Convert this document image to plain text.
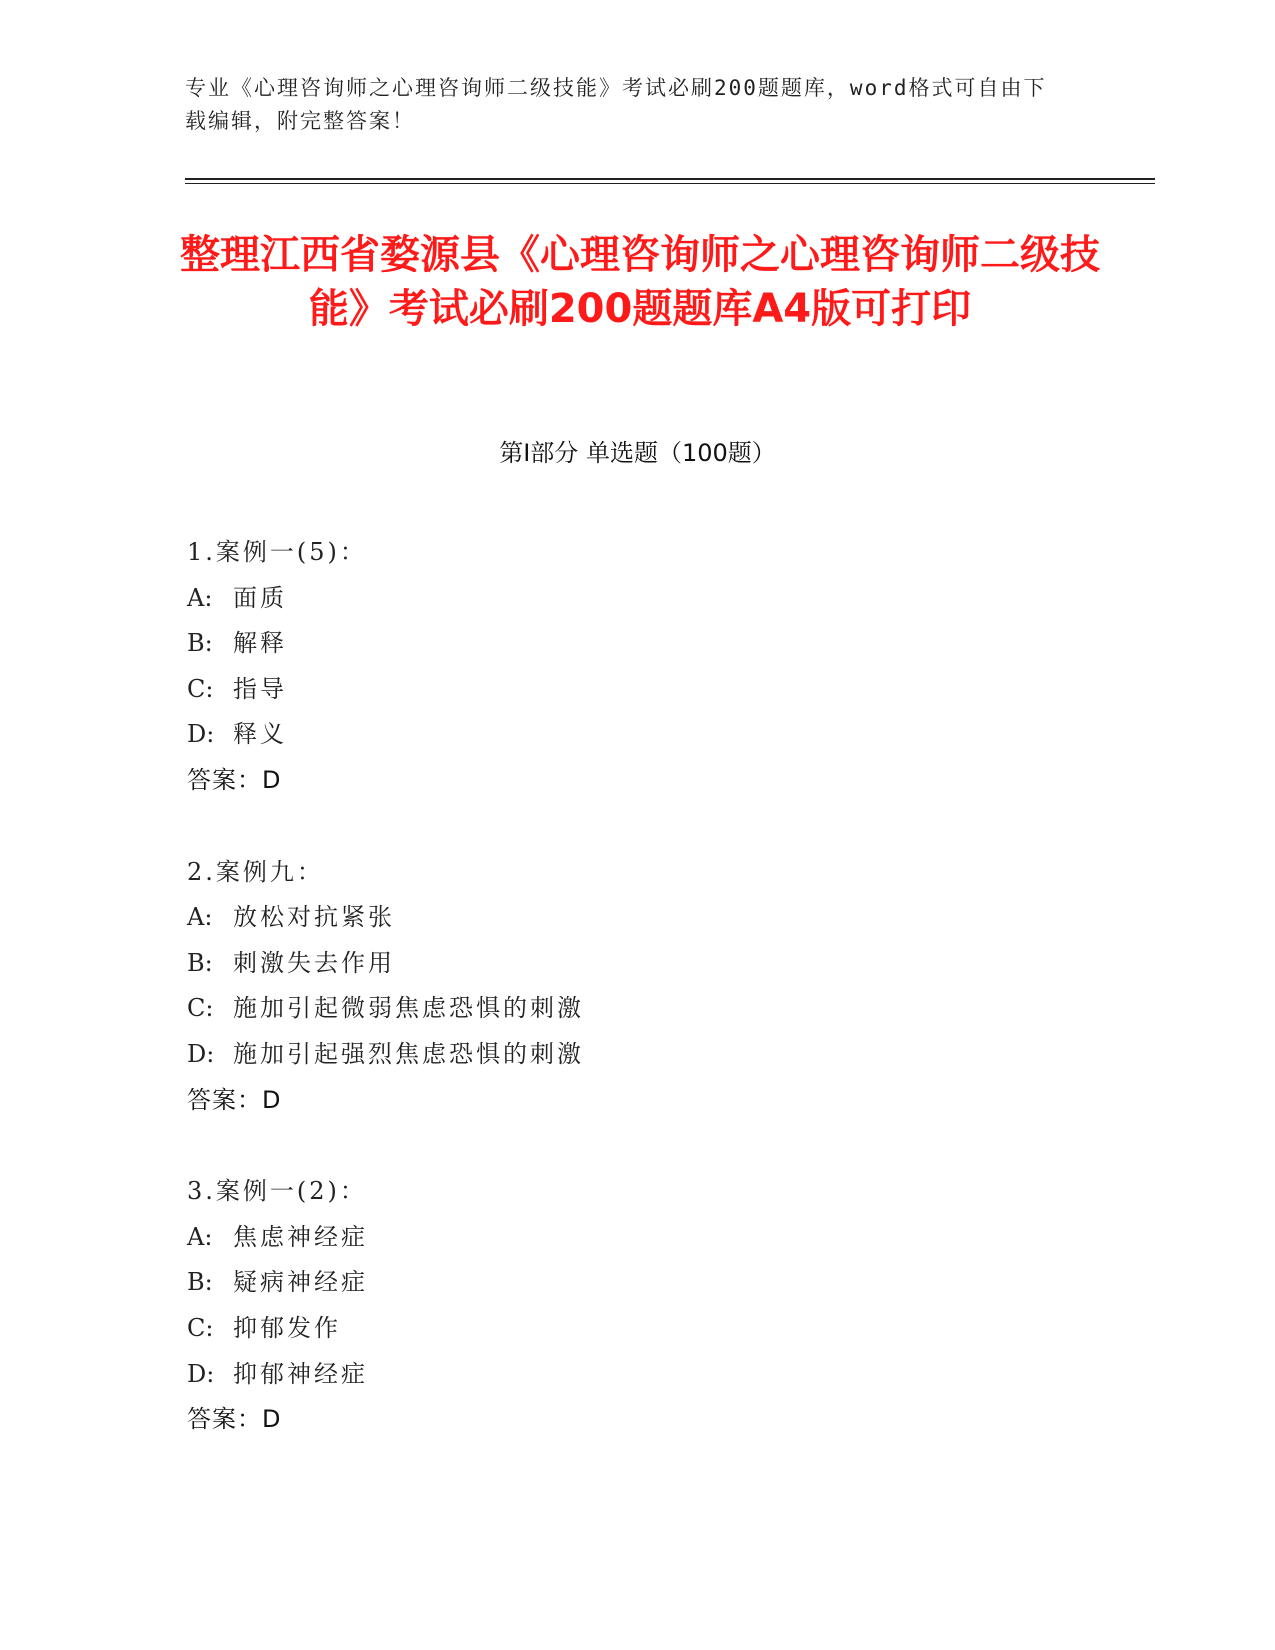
专业《心理咨询师之心理咨询师二级技能》考试必刷200题题库，word格式可自由下载编辑，附完整答案！
整理江西省婺源县《心理咨询师之心理咨询师二级技能》考试必刷200题题库A4版可打印
第Ⅰ部分 单选题（100题）
1.案例一(5)：
A: 面质
B: 解释
C: 指导
D: 释义
答案：D
2.案例九：
A: 放松对抗紧张
B: 刺激失去作用
C: 施加引起微弱焦虑恐惧的刺激
D: 施加引起强烈焦虑恐惧的刺激
答案：D
3.案例一(2)：
A: 焦虑神经症
B: 疑病神经症
C: 抑郁发作
D: 抑郁神经症
答案：D
